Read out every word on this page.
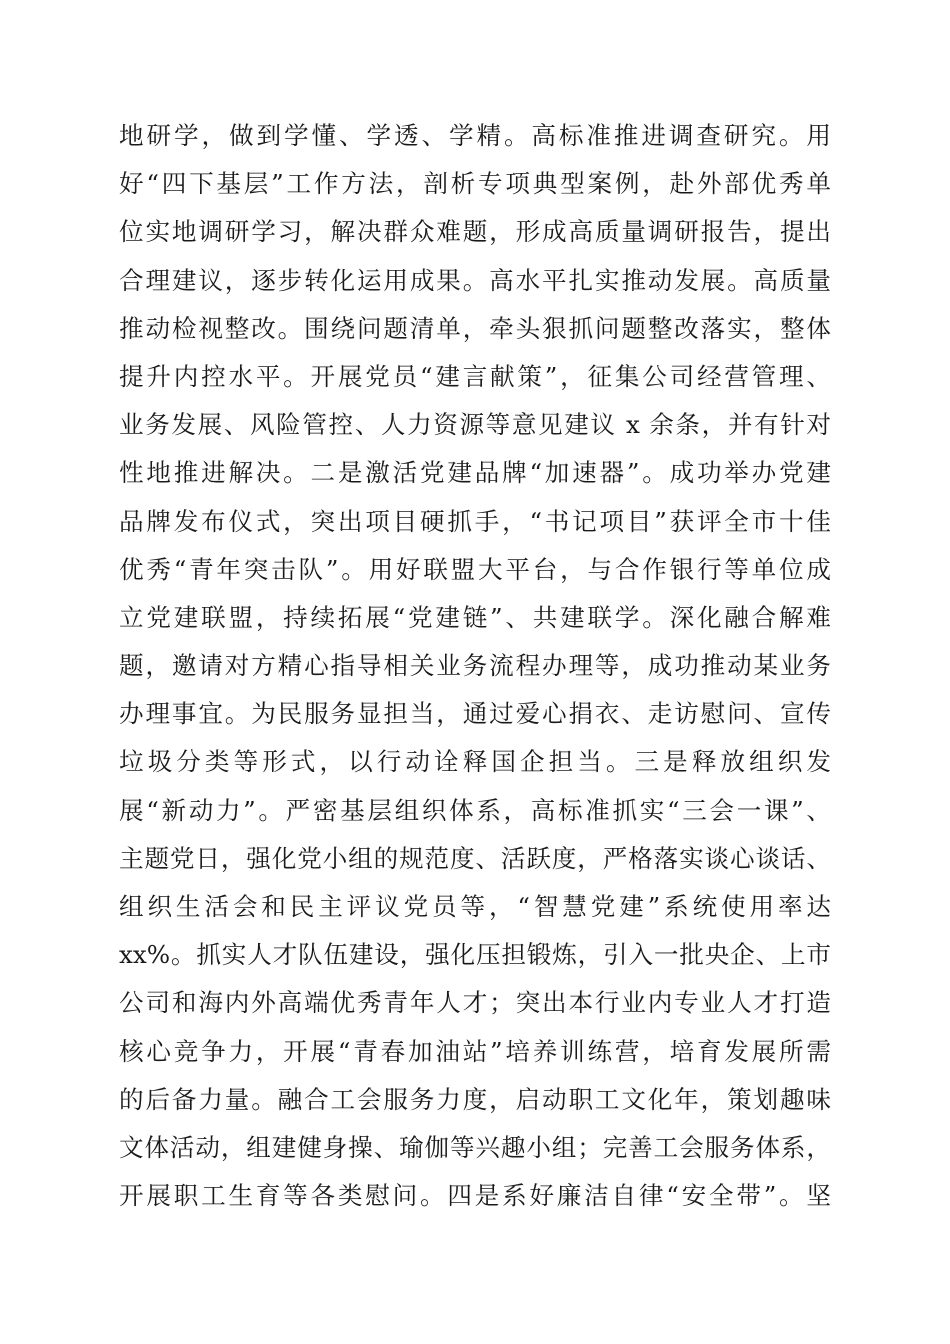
地研学，做到学懂、学透、学精。高标准推进调查研究。用
好“四下基层”工作方法，剖析专项典型案例，赴外部优秀单
位实地调研学习，解决群众难题，形成高质量调研报告，提出
合理建议，逐步转化运用成果。高水平扎实推动发展。高质量
推动检视整改。围绕问题清单，牵头狠抓问题整改落实，整体
提升内控水平。开展党员“建言献策”，征集公司经营管理、
业务发展、风险管控、人力资源等意见建议 x 余条，并有针对
性地推进解决。二是激活党建品牌“加速器”。成功举办党建
品牌发布仪式，突出项目硬抓手，“书记项目”获评全市十佳
优秀“青年突击队”。用好联盟大平台，与合作银行等单位成
立党建联盟，持续拓展“党建链”、共建联学。深化融合解难
题，邀请对方精心指导相关业务流程办理等，成功推动某业务
办理事宜。为民服务显担当，通过爱心捐衣、走访慰问、宣传
垃圾分类等形式，以行动诠释国企担当。三是释放组织发
展“新动力”。严密基层组织体系，高标准抓实“三会一课”、
主题党日，强化党小组的规范度、活跃度，严格落实谈心谈话、
组织生活会和民主评议党员等，“智慧党建”系统使用率达
xx%。抓实人才队伍建设，强化压担锻炼，引入一批央企、上市
公司和海内外高端优秀青年人才；突出本行业内专业人才打造
核心竞争力，开展“青春加油站”培养训练营，培育发展所需
的后备力量。融合工会服务力度，启动职工文化年，策划趣味
文体活动，组建健身操、瑜伽等兴趣小组；完善工会服务体系，
开展职工生育等各类慰问。四是系好廉洁自律“安全带”。坚
